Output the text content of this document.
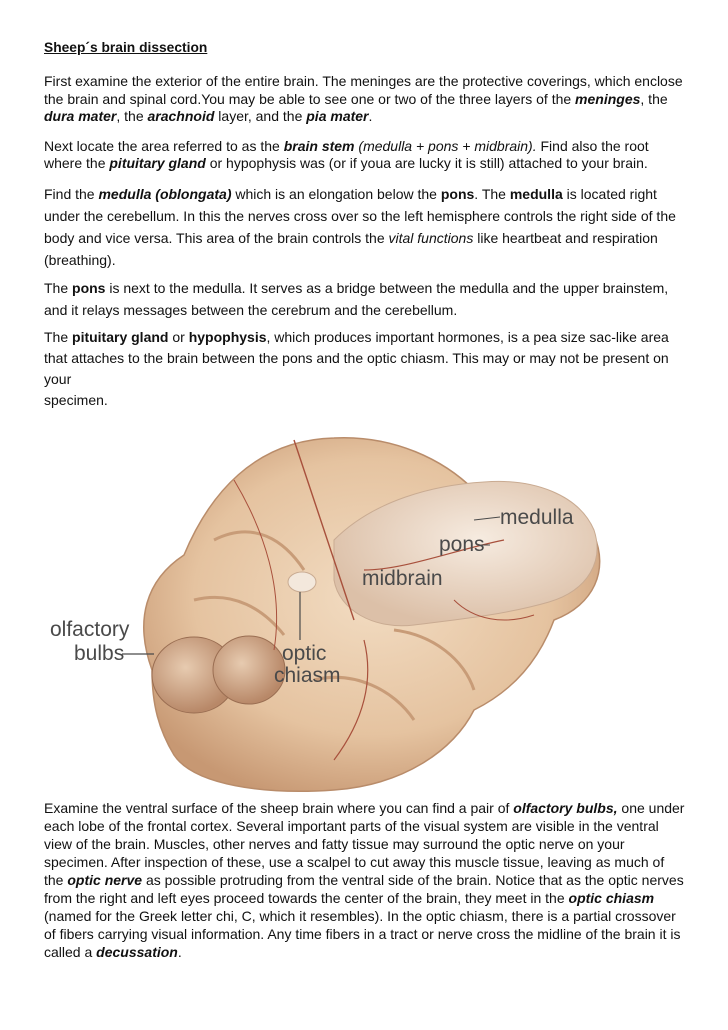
Sheep´s brain dissection

First examine the exterior of the entire brain. The meninges are the protective coverings, which enclose the brain and spinal cord.You may be able to see one or two of the three layers of the meninges, the dura mater, the arachnoid layer, and the pia mater.

Next locate the area referred to as the brain stem (medulla + pons + midbrain). Find also the root where the pituitary gland or hypophysis was (or if youa are lucky it is still) attached to your brain.

Find the medulla (oblongata) which is an elongation below the pons. The medulla is located right under the cerebellum. In this the nerves cross over so the left hemisphere controls the right side of the body and vice versa. This area of the brain controls the vital functions like heartbeat and respiration (breathing).

The pons is next to the medulla. It serves as a bridge between the medulla and the upper brainstem, and it relays messages between the cerebrum and the cerebellum.

The pituitary gland or hypophysis, which produces important hormones, is a pea size sac-like area that attaches to the brain between the pons and the optic chiasm. This may or may not be present on your
specimen.

medulla
pons
midbrain
olfactory
bulbs	optic
chiasm

Examine the ventral surface of the sheep brain where you can find a pair of olfactory bulbs, one under each lobe of the frontal cortex. Several important parts of the visual system are visible in the ventral view of the brain. Muscles, other nerves and fatty tissue may surround the optic nerve on your specimen. After inspection of these, use a scalpel to cut away this muscle tissue, leaving as much of the optic nerve as possible protruding from the ventral side of the brain. Notice that as the optic nerves from the right and left eyes proceed towards the center of the brain, they meet in the optic chiasm (named for the Greek letter chi, C, which it resembles). In the optic chiasm, there is a partial crossover of fibers carrying visual information. Any time fibers in a tract or nerve cross the midline of the brain it is called a decussation.
